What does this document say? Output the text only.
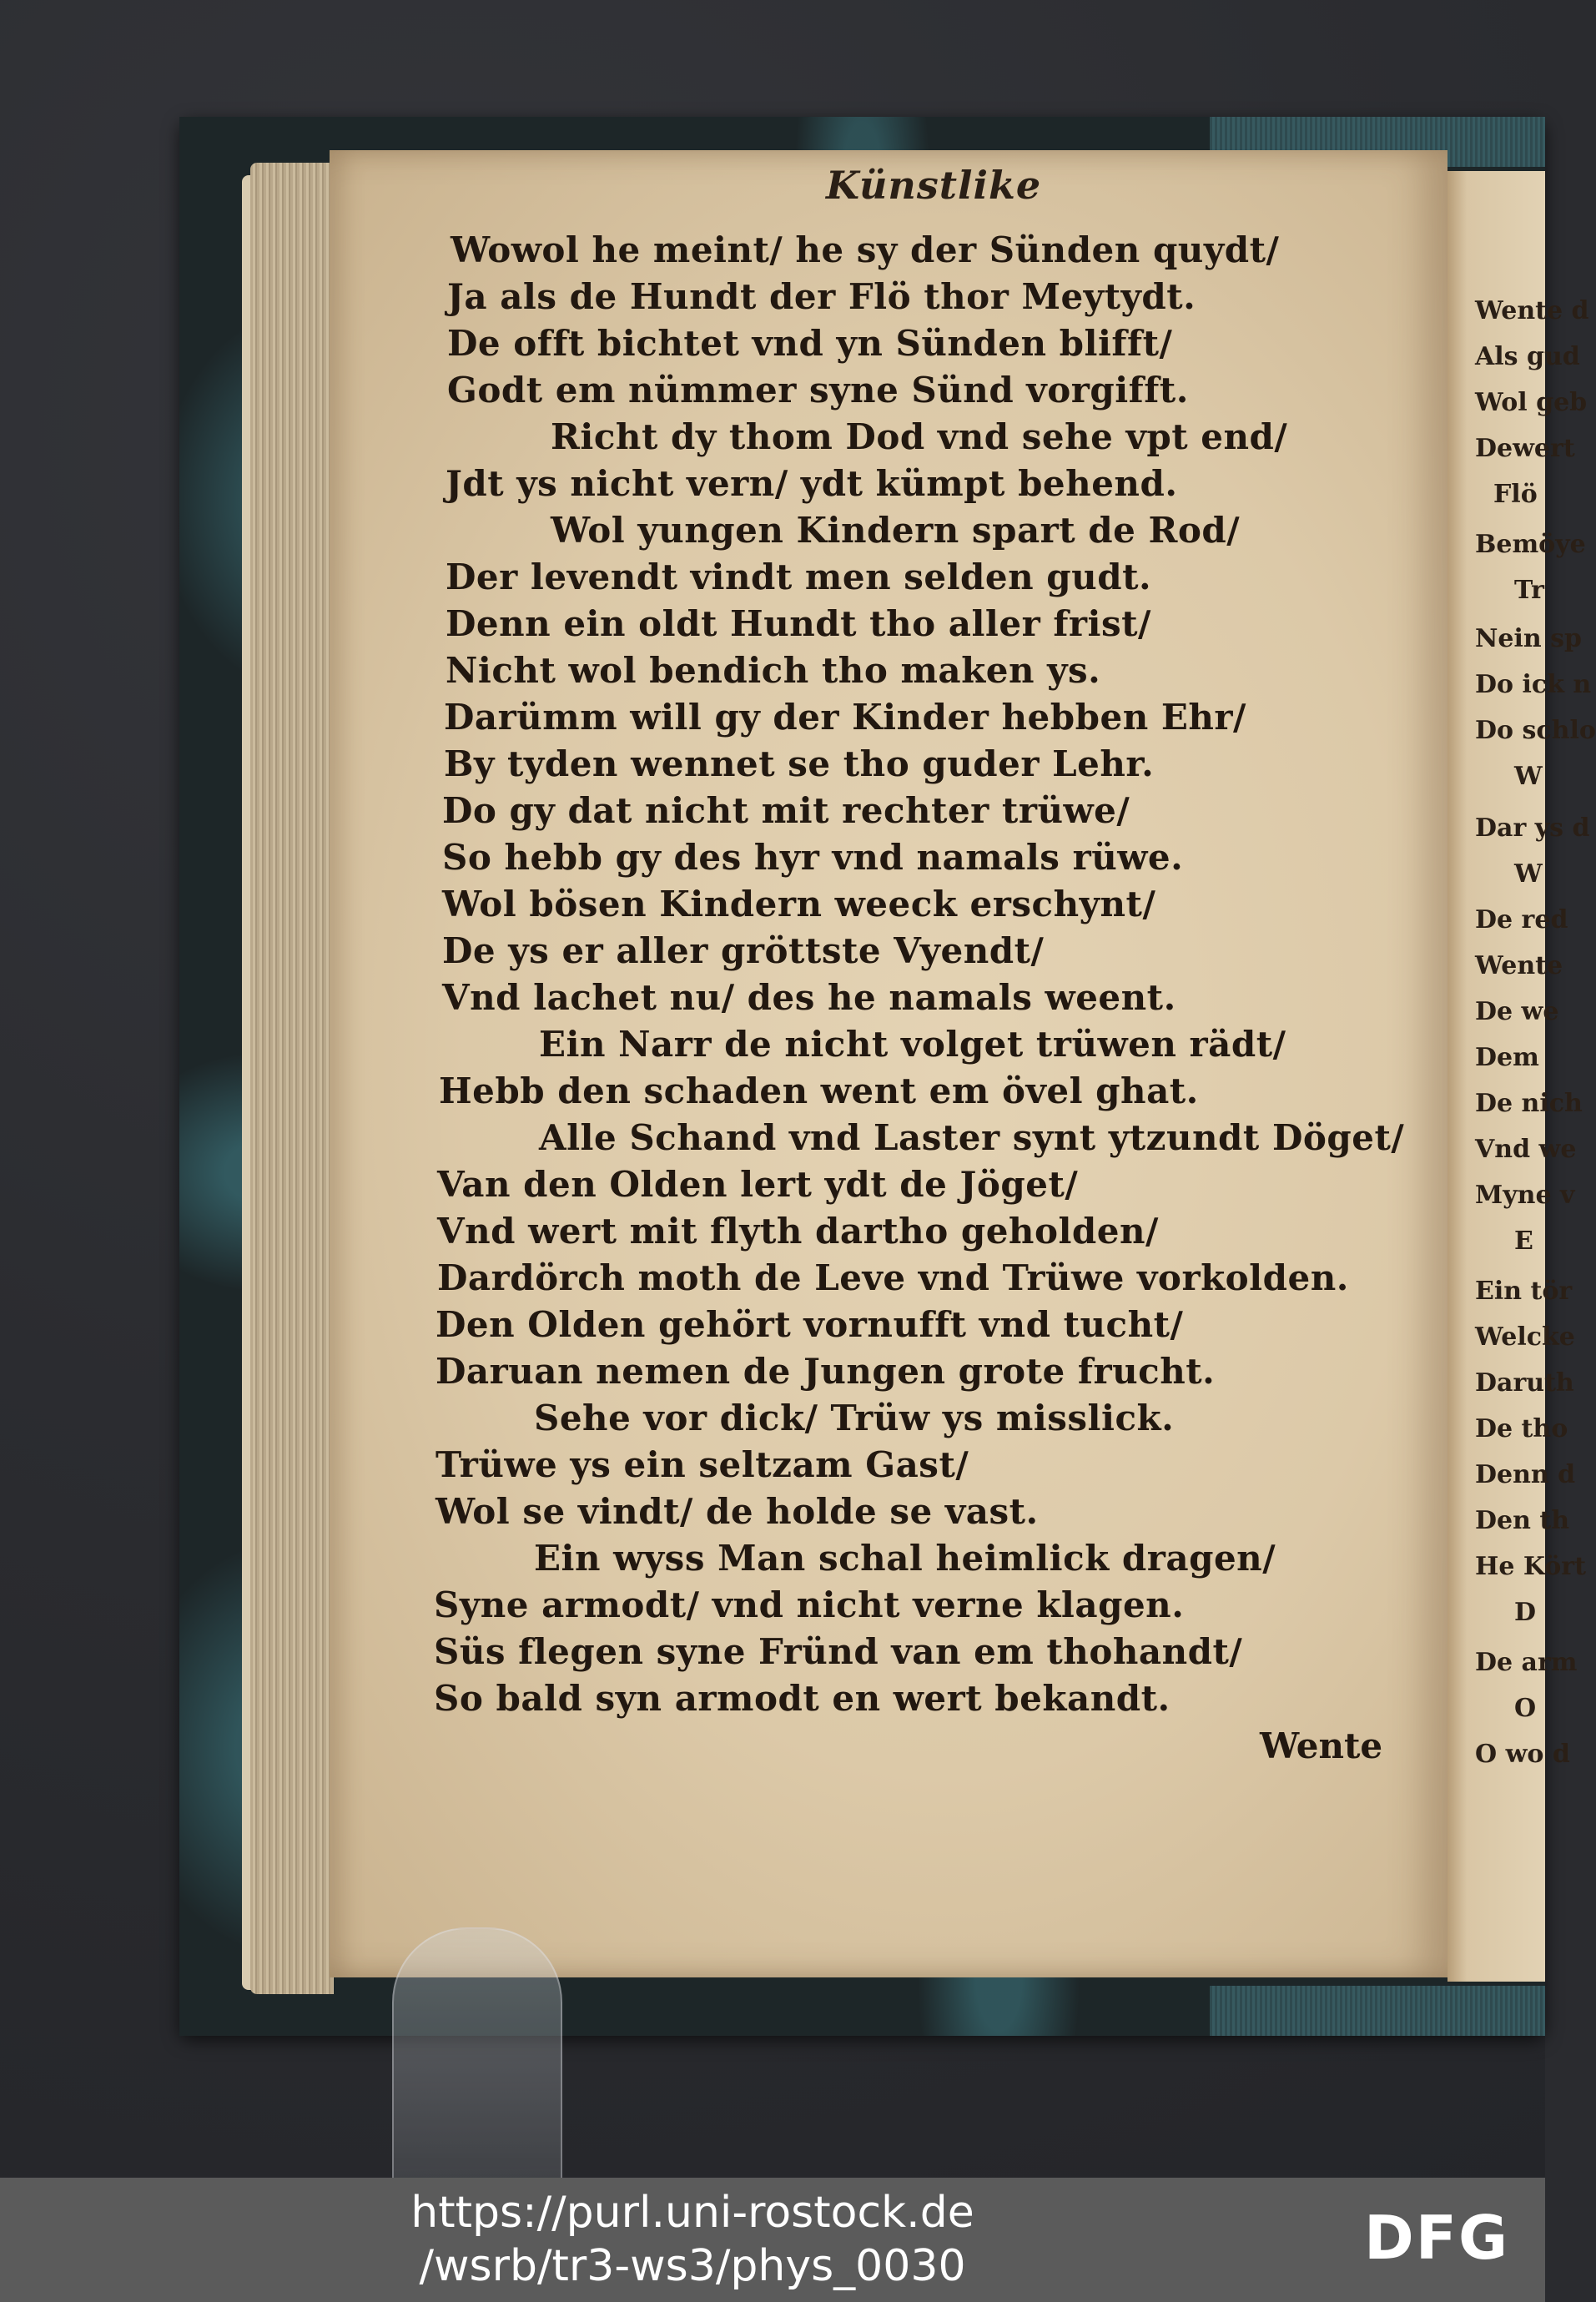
Künstlike
Wowol he meint/ he sy der Sünden quydt/
Ja als de Hundt der Flö thor Meytydt.
De offt bichtet vnd yn Sünden blifft/
Godt em nümmer syne Sünd vorgifft.
Richt dy thom Dod vnd sehe vpt end/
Jdt ys nicht vern/ ydt kümpt behend.
Wol yungen Kindern spart de Rod/
Der levendt vindt men selden gudt.
Denn ein oldt Hundt tho aller frist/
Nicht wol bendich tho maken ys.
Darümm will gy der Kinder hebben Ehr/
By tyden wennet se tho guder Lehr.
Do gy dat nicht mit rechter trüwe/
So hebb gy des hyr vnd namals rüwe.
Wol bösen Kindern weeck erschynt/
De ys er aller gröttste Vyendt/
Vnd lachet nu/ des he namals weent.
Ein Narr de nicht volget trüwen rädt/
Hebb den schaden went em övel ghat.
Alle Schand vnd Laster synt ytzundt Döget/
Van den Olden lert ydt de Jöget/
Vnd wert mit flyth dartho geholden/
Dardörch moth de Leve vnd Trüwe vorkolden.
Den Olden gehört vornufft vnd tucht/
Daruan nemen de Jungen grote frucht.
Sehe vor dick/ Trüw ys misslick.
Trüwe ys ein seltzam Gast/
Wol se vindt/ de holde se vast.
Ein wyss Man schal heimlick dragen/
Syne armodt/ vnd nicht verne klagen.
Süs flegen syne Fründ van em thohandt/
So bald syn armodt en wert bekandt.
Wente
Wente d
Als gud
Wol geb
Dewert
Flö
Bemöye
Tr
Nein sp
Do ick n
Do schlo
W
Dar ys d
W
De red
Wente
De we
Dem
De nich
Vnd we
Myne v
E
Ein tör
Welcke
Daruth
De tho
Denn d
Den th
He Kört
D
De arm
O
O wo d
https://purl.uni-rostock.de
/wsrb/tr3-ws3/phys_0030	DFG
